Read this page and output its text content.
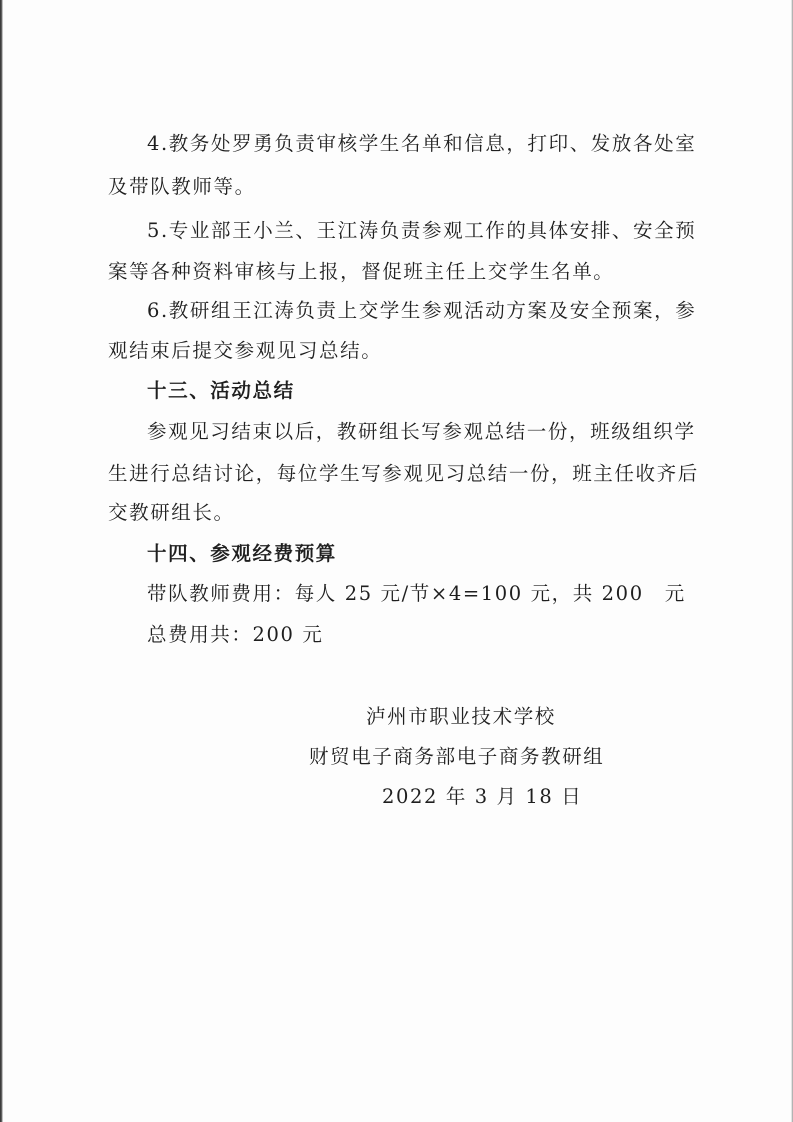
4.教务处罗勇负责审核学生名单和信息，打印、发放各处室
及带队教师等。
5.专业部王小兰、王江涛负责参观工作的具体安排、安全预
案等各种资料审核与上报，督促班主任上交学生名单。
6.教研组王江涛负责上交学生参观活动方案及安全预案，参
观结束后提交参观见习总结。
十三、活动总结
参观见习结束以后，教研组长写参观总结一份，班级组织学
生进行总结讨论，每位学生写参观见习总结一份，班主任收齐后
交教研组长。
十四、参观经费预算
带队教师费用：每人 25 元/节×4=100 元，共 200　元
总费用共：200 元
泸州市职业技术学校
财贸电子商务部电子商务教研组
2022 年 3 月 18 日
